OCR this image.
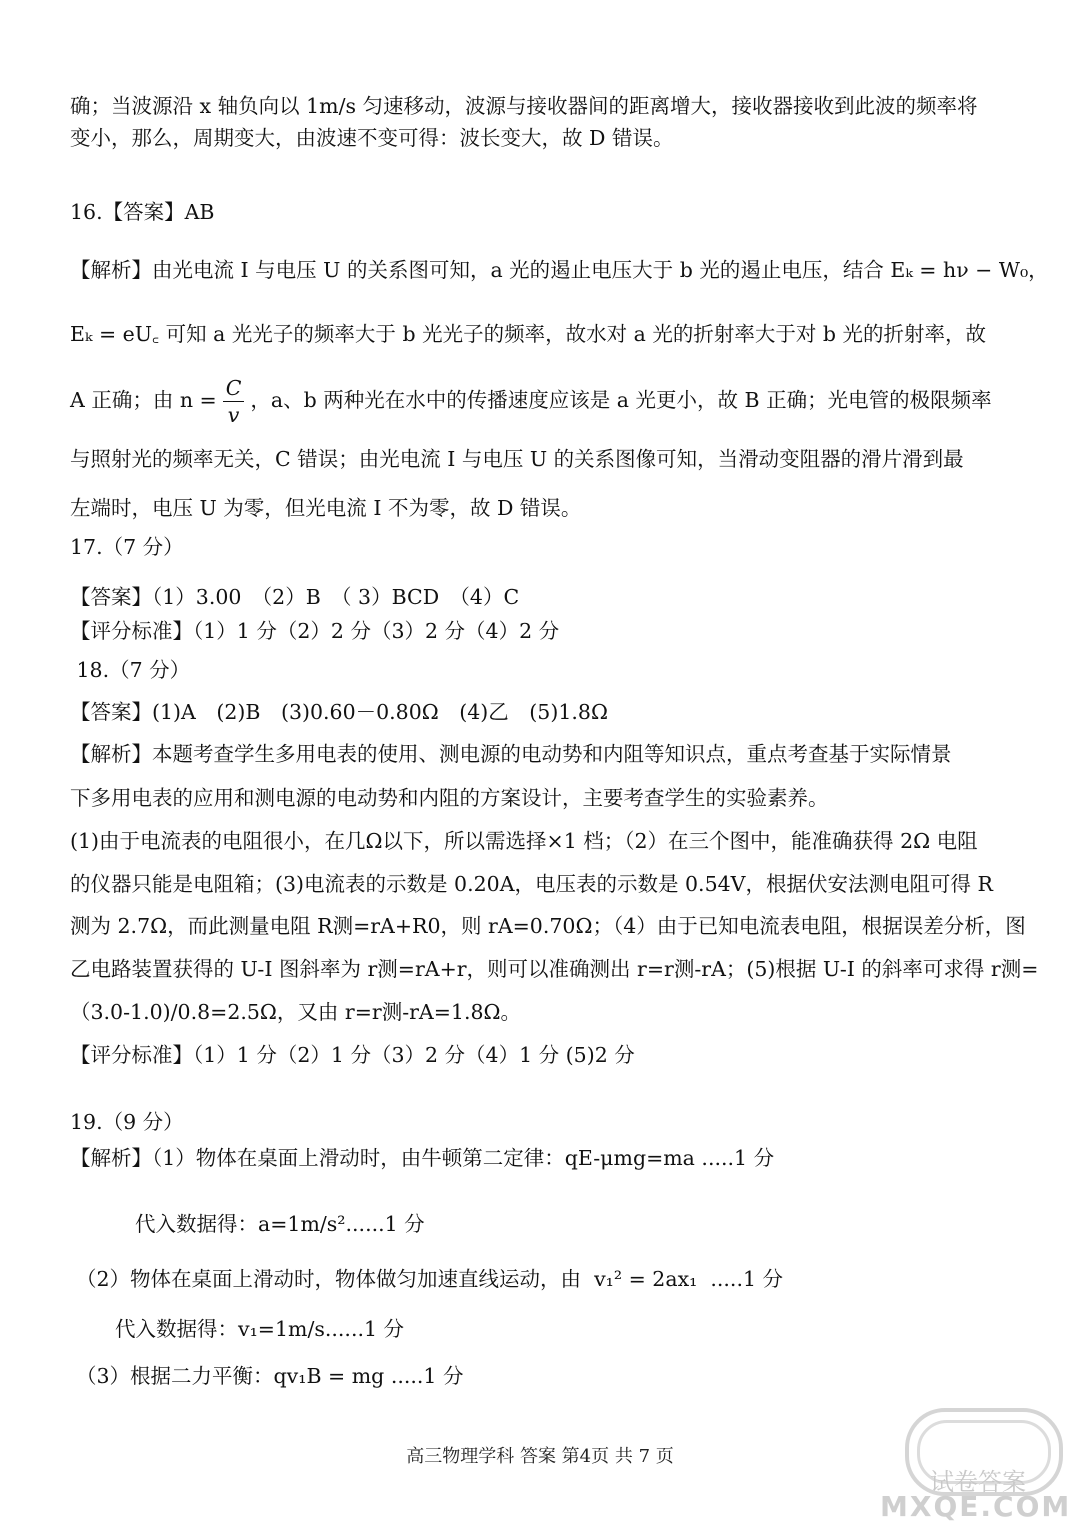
确；当波源沿 x 轴负向以 1m/s 匀速移动，波源与接收器间的距离增大，接收器接收到此波的频率将
变小，那么，周期变大，由波速不变可得：波长变大，故 D 错误。
16.【答案】AB
【解析】由光电流 I 与电压 U 的关系图可知，a 光的遏止电压大于 b 光的遏止电压，结合 Eₖ = hν − W₀，
Eₖ = eU꜀ 可知 a 光光子的频率大于 b 光光子的频率，故水对 a 光的折射率大于对 b 光的折射率，故
A 正确；由 $n = \frac{C}{v}$ ，a、b 两种光在水中的传播速度应该是 a 光更小，故 B 正确；光电管的极限频率
与照射光的频率无关，C 错误；由光电流 I 与电压 U 的关系图像可知，当滑动变阻器的滑片滑到最
左端时，电压 U 为零，但光电流 I 不为零，故 D 错误。
17.（7 分）
【答案】（1）3.00　（2）B　（ 3）BCD　（4）C
【评分标准】（1）1 分（2）2 分（3）2 分（4）2 分
18.（7 分）
【答案】(1)A　(2)B　(3)0.60－0.80Ω　(4)乙　(5)1.8Ω
【解析】本题考查学生多用电表的使用、测电源的电动势和内阻等知识点，重点考查基于实际情景
下多用电表的应用和测电源的电动势和内阻的方案设计，主要考查学生的实验素养。
(1)由于电流表的电阻很小，在几Ω以下，所以需选择×1 档；（2）在三个图中，能准确获得 2Ω 电阻
的仪器只能是电阻箱；(3)电流表的示数是 0.20A，电压表的示数是 0.54V，根据伏安法测电阻可得 R
测为 2.7Ω，而此测量电阻 R测=rA+R0，则 rA=0.70Ω；（4）由于已知电流表电阻，根据误差分析，图
乙电路装置获得的 U-I 图斜率为 r测=rA+r，则可以准确测出 r=r测-rA；(5)根据 U-I 的斜率可求得 r测=
（3.0-1.0)/0.8=2.5Ω，又由 r=r测-rA=1.8Ω。
【评分标准】（1）1 分（2）1 分（3）2 分（4）1 分 (5)2 分
19.（9 分）
【解析】（1）物体在桌面上滑动时，由牛顿第二定律：qE-μmg=ma .....1 分
代入数据得：a=1m/s²......1 分
（2）物体在桌面上滑动时，物体做匀加速直线运动，由  v₁² = 2ax₁  .....1 分
代入数据得：v₁=1m/s......1 分
（3）根据二力平衡：qv₁B = mg .....1 分
高三物理学科 答案 第4页 共 7 页
试卷答案
MXQE.COM
